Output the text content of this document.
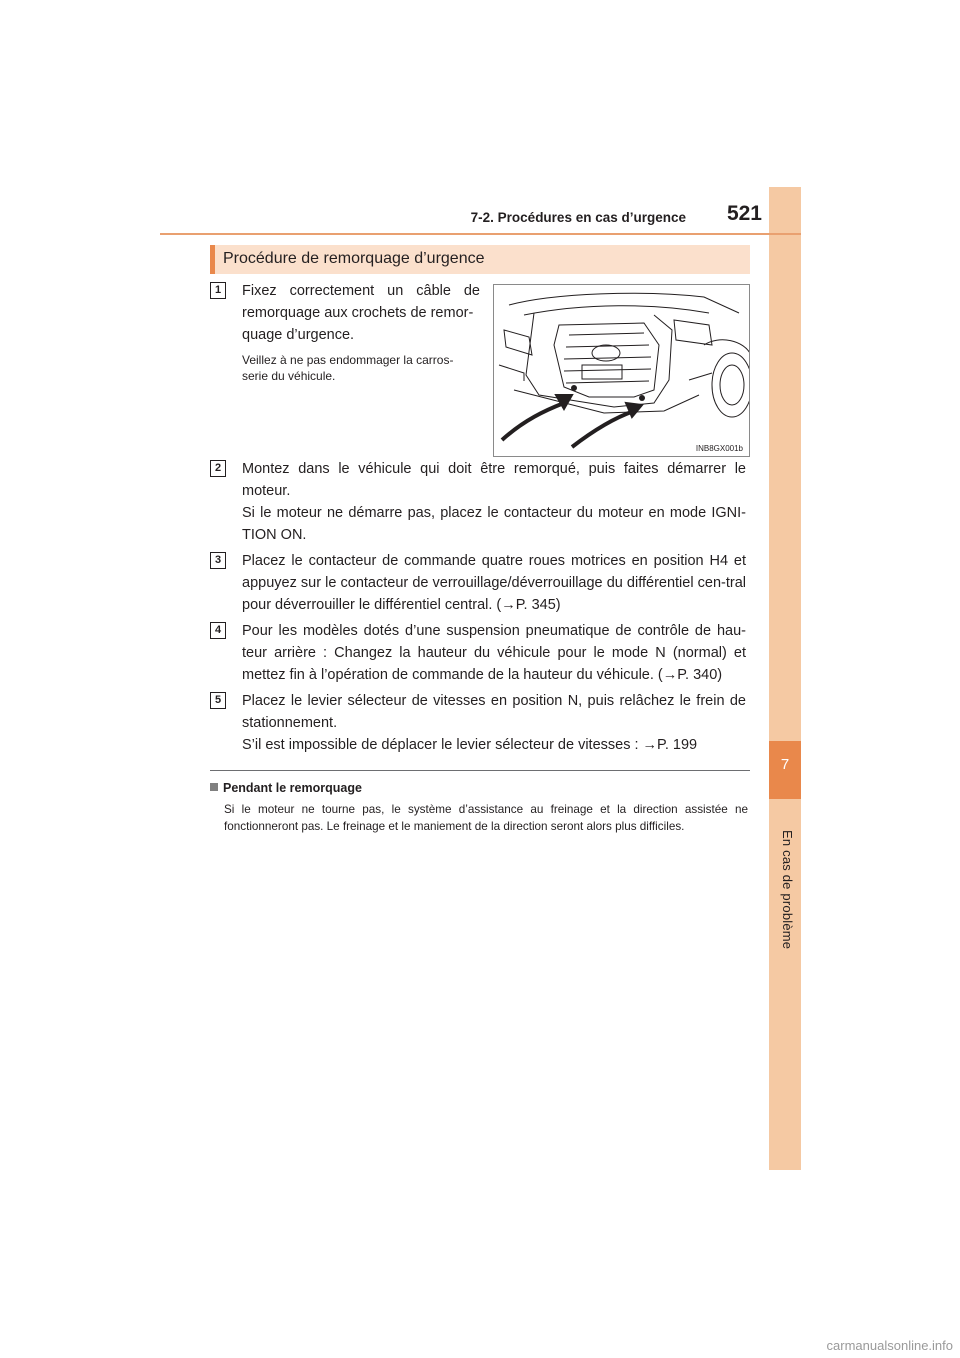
7
En cas de problème
7-2. Procédures en cas d’urgence	521
Procédure de remorquage d’urgence
1	Fixez correctement un câble de
remorquage aux crochets de remor-
quage d’urgence.
Veillez à ne pas endommager la carros-serie du véhicule.
INB8GX001b
2	Montez dans le véhicule qui doit être remorqué, puis faites démarrer le moteur.
Si le moteur ne démarre pas, placez le contacteur du moteur en mode IGNI-TION ON.
3	Placez le contacteur de commande quatre roues motrices en position H4 et appuyez sur le contacteur de verrouillage/déverrouillage du différentiel cen-tral pour déverrouiller le différentiel central. (→P. 345)
4	Pour les modèles dotés d’une suspension pneumatique de contrôle de hau-teur arrière : Changez la hauteur du véhicule pour le mode N (normal) et mettez fin à l’opération de commande de la hauteur du véhicule. (→P. 340)
5	Placez le levier sélecteur de vitesses en position N, puis relâchez le frein de stationnement.
S’il est impossible de déplacer le levier sélecteur de vitesses : →P. 199
Pendant le remorquage
Si le moteur ne tourne pas, le système d’assistance au freinage et la direction assistée ne fonctionneront pas. Le freinage et le maniement de la direction seront alors plus difficiles.
carmanualsonline.info
